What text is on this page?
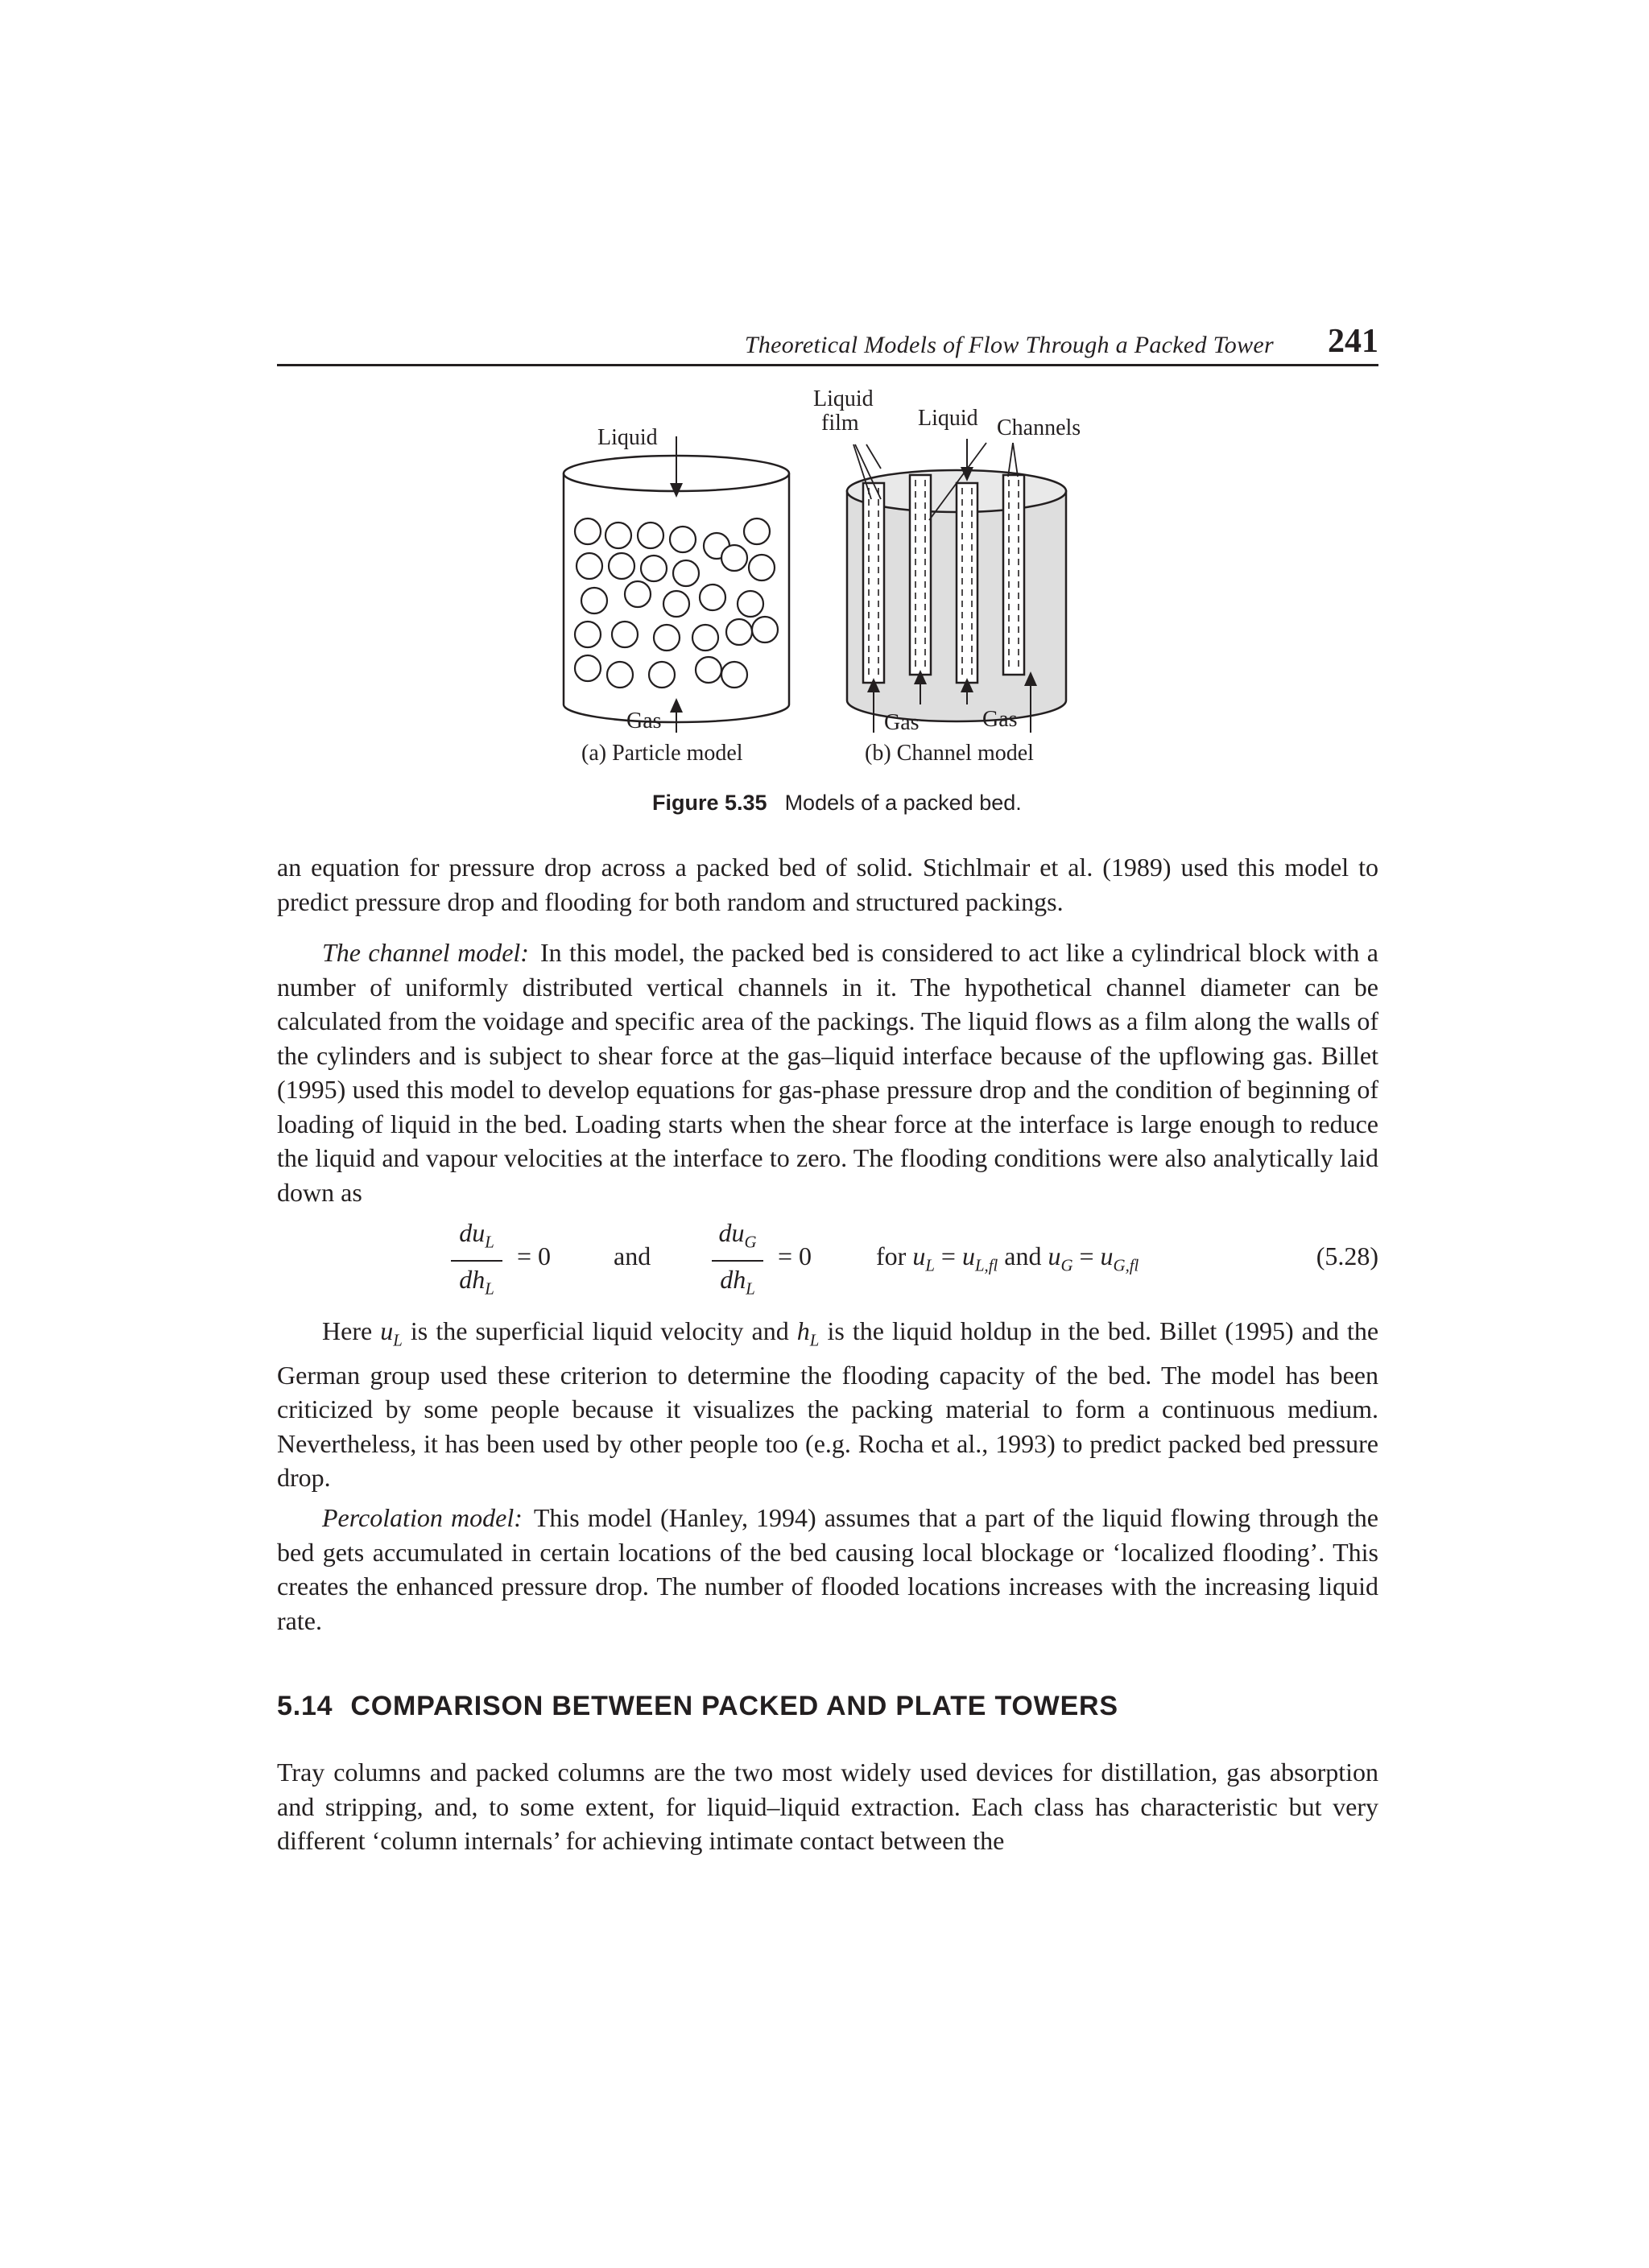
Theoretical Models of Flow Through a Packed Tower 241
Liquid
Gas
(a) Particle model
Liquid
film	Liquid Channels
Gas	Gas
(b) Channel model
Figure 5.35 Models of a packed bed.

an equation for pressure drop across a packed bed of solid. Stichlmair et al. (1989) used this model to predict pressure drop and flooding for both random and structured packings.

The channel model: In this model, the packed bed is considered to act like a cylindrical block with a number of uniformly distributed vertical channels in it. The hypothetical channel diameter can be calculated from the voidage and specific area of the packings. The liquid flows as a film along the walls of the cylinders and is subject to shear force at the gas–liquid interface because of the upflowing gas. Billet (1995) used this model to develop equations for gas-phase pressure drop and the condition of beginning of loading of liquid in the bed. Loading starts when the shear force at the interface is large enough to reduce the liquid and vapour velocities at the interface to zero. The flooding conditions were also analytically laid down as

$du_L$
$dh_L$
= 0 and
$du_G$
$dh_L$
= 0 for $u_L = u_{L,fl}$ and $u_G = u_{G,fl}$	(5.28)

Here $u_L$ is the superficial liquid velocity and $h_L$ is the liquid holdup in the bed. Billet (1995) and the German group used these criterion to determine the flooding capacity of the bed. The model has been criticized by some people because it visualizes the packing material to form a continuous medium. Nevertheless, it has been used by other people too (e.g. Rocha et al., 1993) to predict packed bed pressure drop.

Percolation model: This model (Hanley, 1994) assumes that a part of the liquid flowing through the bed gets accumulated in certain locations of the bed causing local blockage or ‘localized flooding’. This creates the enhanced pressure drop. The number of flooded locations increases with the increasing liquid rate.

5.14 COMPARISON BETWEEN PACKED AND PLATE TOWERS

Tray columns and packed columns are the two most widely used devices for distillation, gas absorption and stripping, and, to some extent, for liquid–liquid extraction. Each class has characteristic but very different ‘column internals’ for achieving intimate contact between the
